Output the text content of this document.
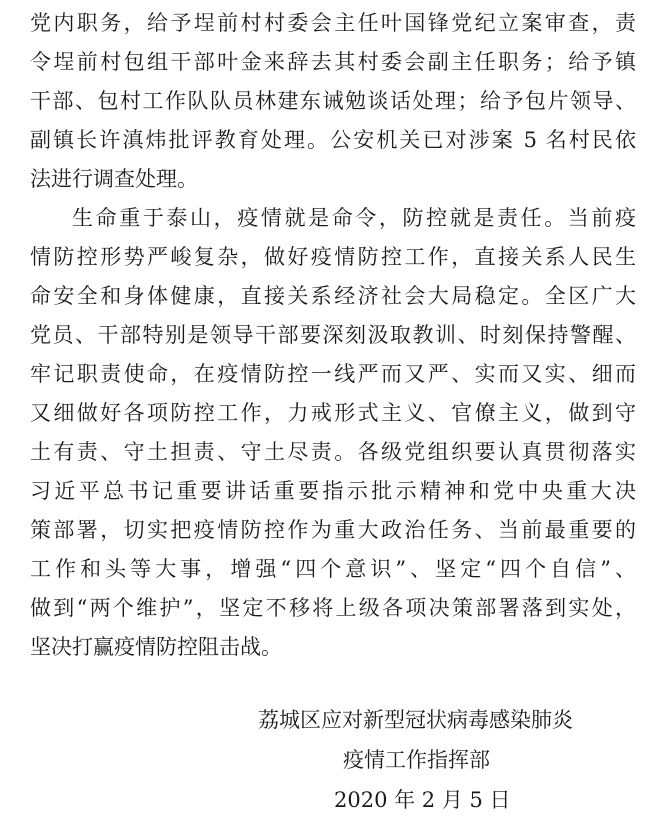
党内职务，给予埕前村村委会主任叶国锋党纪立案审查，责
令埕前村包组干部叶金来辞去其村委会副主任职务；给予镇
干部、包村工作队队员林建东诫勉谈话处理；给予包片领导、
副镇长许滇炜批评教育处理。公安机关已对涉案 5 名村民依
法进行调查处理。
生命重于泰山，疫情就是命令，防控就是责任。当前疫
情防控形势严峻复杂，做好疫情防控工作，直接关系人民生
命安全和身体健康，直接关系经济社会大局稳定。全区广大
党员、干部特别是领导干部要深刻汲取教训、时刻保持警醒、
牢记职责使命，在疫情防控一线严而又严、实而又实、细而
又细做好各项防控工作，力戒形式主义、官僚主义，做到守
土有责、守土担责、守土尽责。各级党组织要认真贯彻落实
习近平总书记重要讲话重要指示批示精神和党中央重大决
策部署，切实把疫情防控作为重大政治任务、当前最重要的
工作和头等大事，增强“四个意识”、坚定“四个自信”、
做到“两个维护”，坚定不移将上级各项决策部署落到实处，
坚决打赢疫情防控阻击战。
荔城区应对新型冠状病毒感染肺炎
疫情工作指挥部
2020 年 2 月 5 日
